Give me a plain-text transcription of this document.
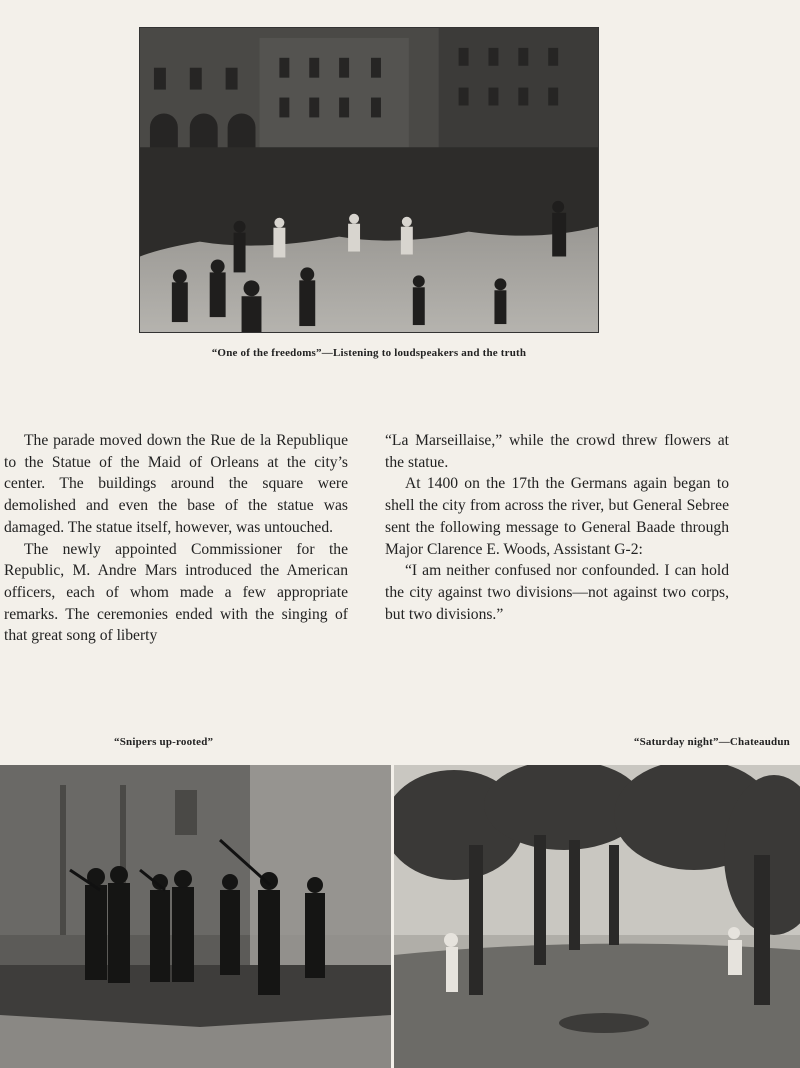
“One of the freedoms”—Listening to loudspeakers and the truth

The parade moved down the Rue de la Republique to the Statue of the Maid of Orleans at the city’s center. The buildings around the square were demolished and even the base of the statue was damaged. The statue itself, however, was untouched.

The newly appointed Commissioner for the Republic, M. Andre Mars introduced the American officers, each of whom made a few appropriate remarks. The ceremonies ended with the singing of that great song of liberty

“La Marseillaise,” while the crowd threw flowers at the statue.

At 1400 on the 17th the Germans again began to shell the city from across the river, but General Sebree sent the following message to General Baade through Major Clarence E. Woods, Assistant G-2:

“I am neither confused nor confounded. I can hold the city against two divisions—not against two corps, but two divisions.”

“Snipers up-rooted”	“Saturday night”—Chateaudun
